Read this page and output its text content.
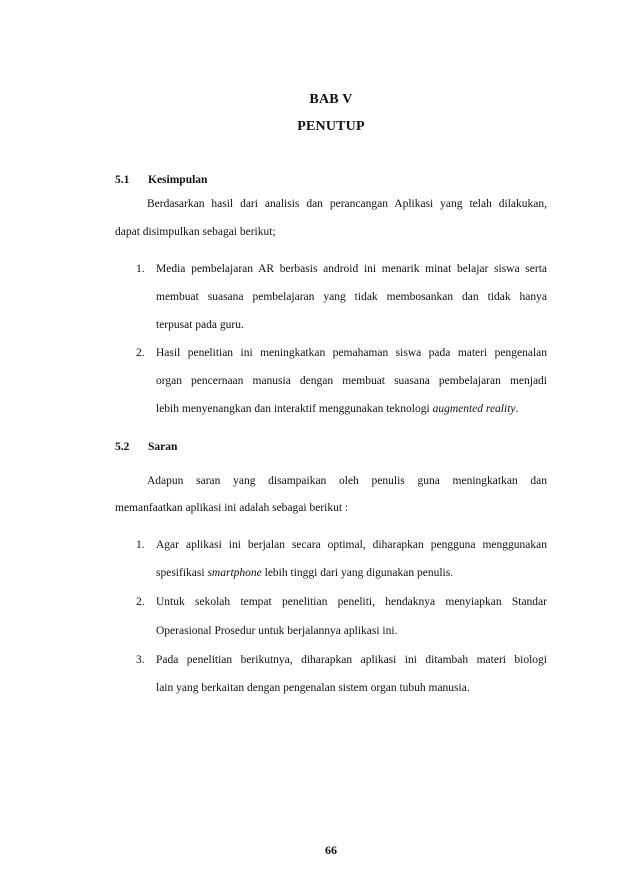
BAB V
PENUTUP
5.1 Kesimpulan
Berdasarkan hasil dari analisis dan perancangan Aplikasi yang telah dilakukan,
dapat disimpulkan sebagai berikut;
1. Media pembelajaran AR berbasis android ini menarik minat belajar siswa serta
membuat suasana pembelajaran yang tidak membosankan dan tidak hanya
terpusat pada guru.
2. Hasil penelitian ini meningkatkan pemahaman siswa pada materi pengenalan
organ pencernaan manusia dengan membuat suasana pembelajaran menjadi
lebih menyenangkan dan interaktif menggunakan teknologi augmented reality.
5.2 Saran
Adapun saran yang disampaikan oleh penulis guna meningkatkan dan
memanfaatkan aplikasi ini adalah sebagai berikut :
1. Agar aplikasi ini berjalan secara optimal, diharapkan pengguna menggunakan
spesifikasi smartphone lebih tinggi dari yang digunakan penulis.
2. Untuk sekolah tempat penelitian peneliti, hendaknya menyiapkan Standar
Operasional Prosedur untuk berjalannya aplikasi ini.
3. Pada penelitian berikutnya, diharapkan aplikasi ini ditambah materi biologi
lain yang berkaitan dengan pengenalan sistem organ tubuh manusia.
66
